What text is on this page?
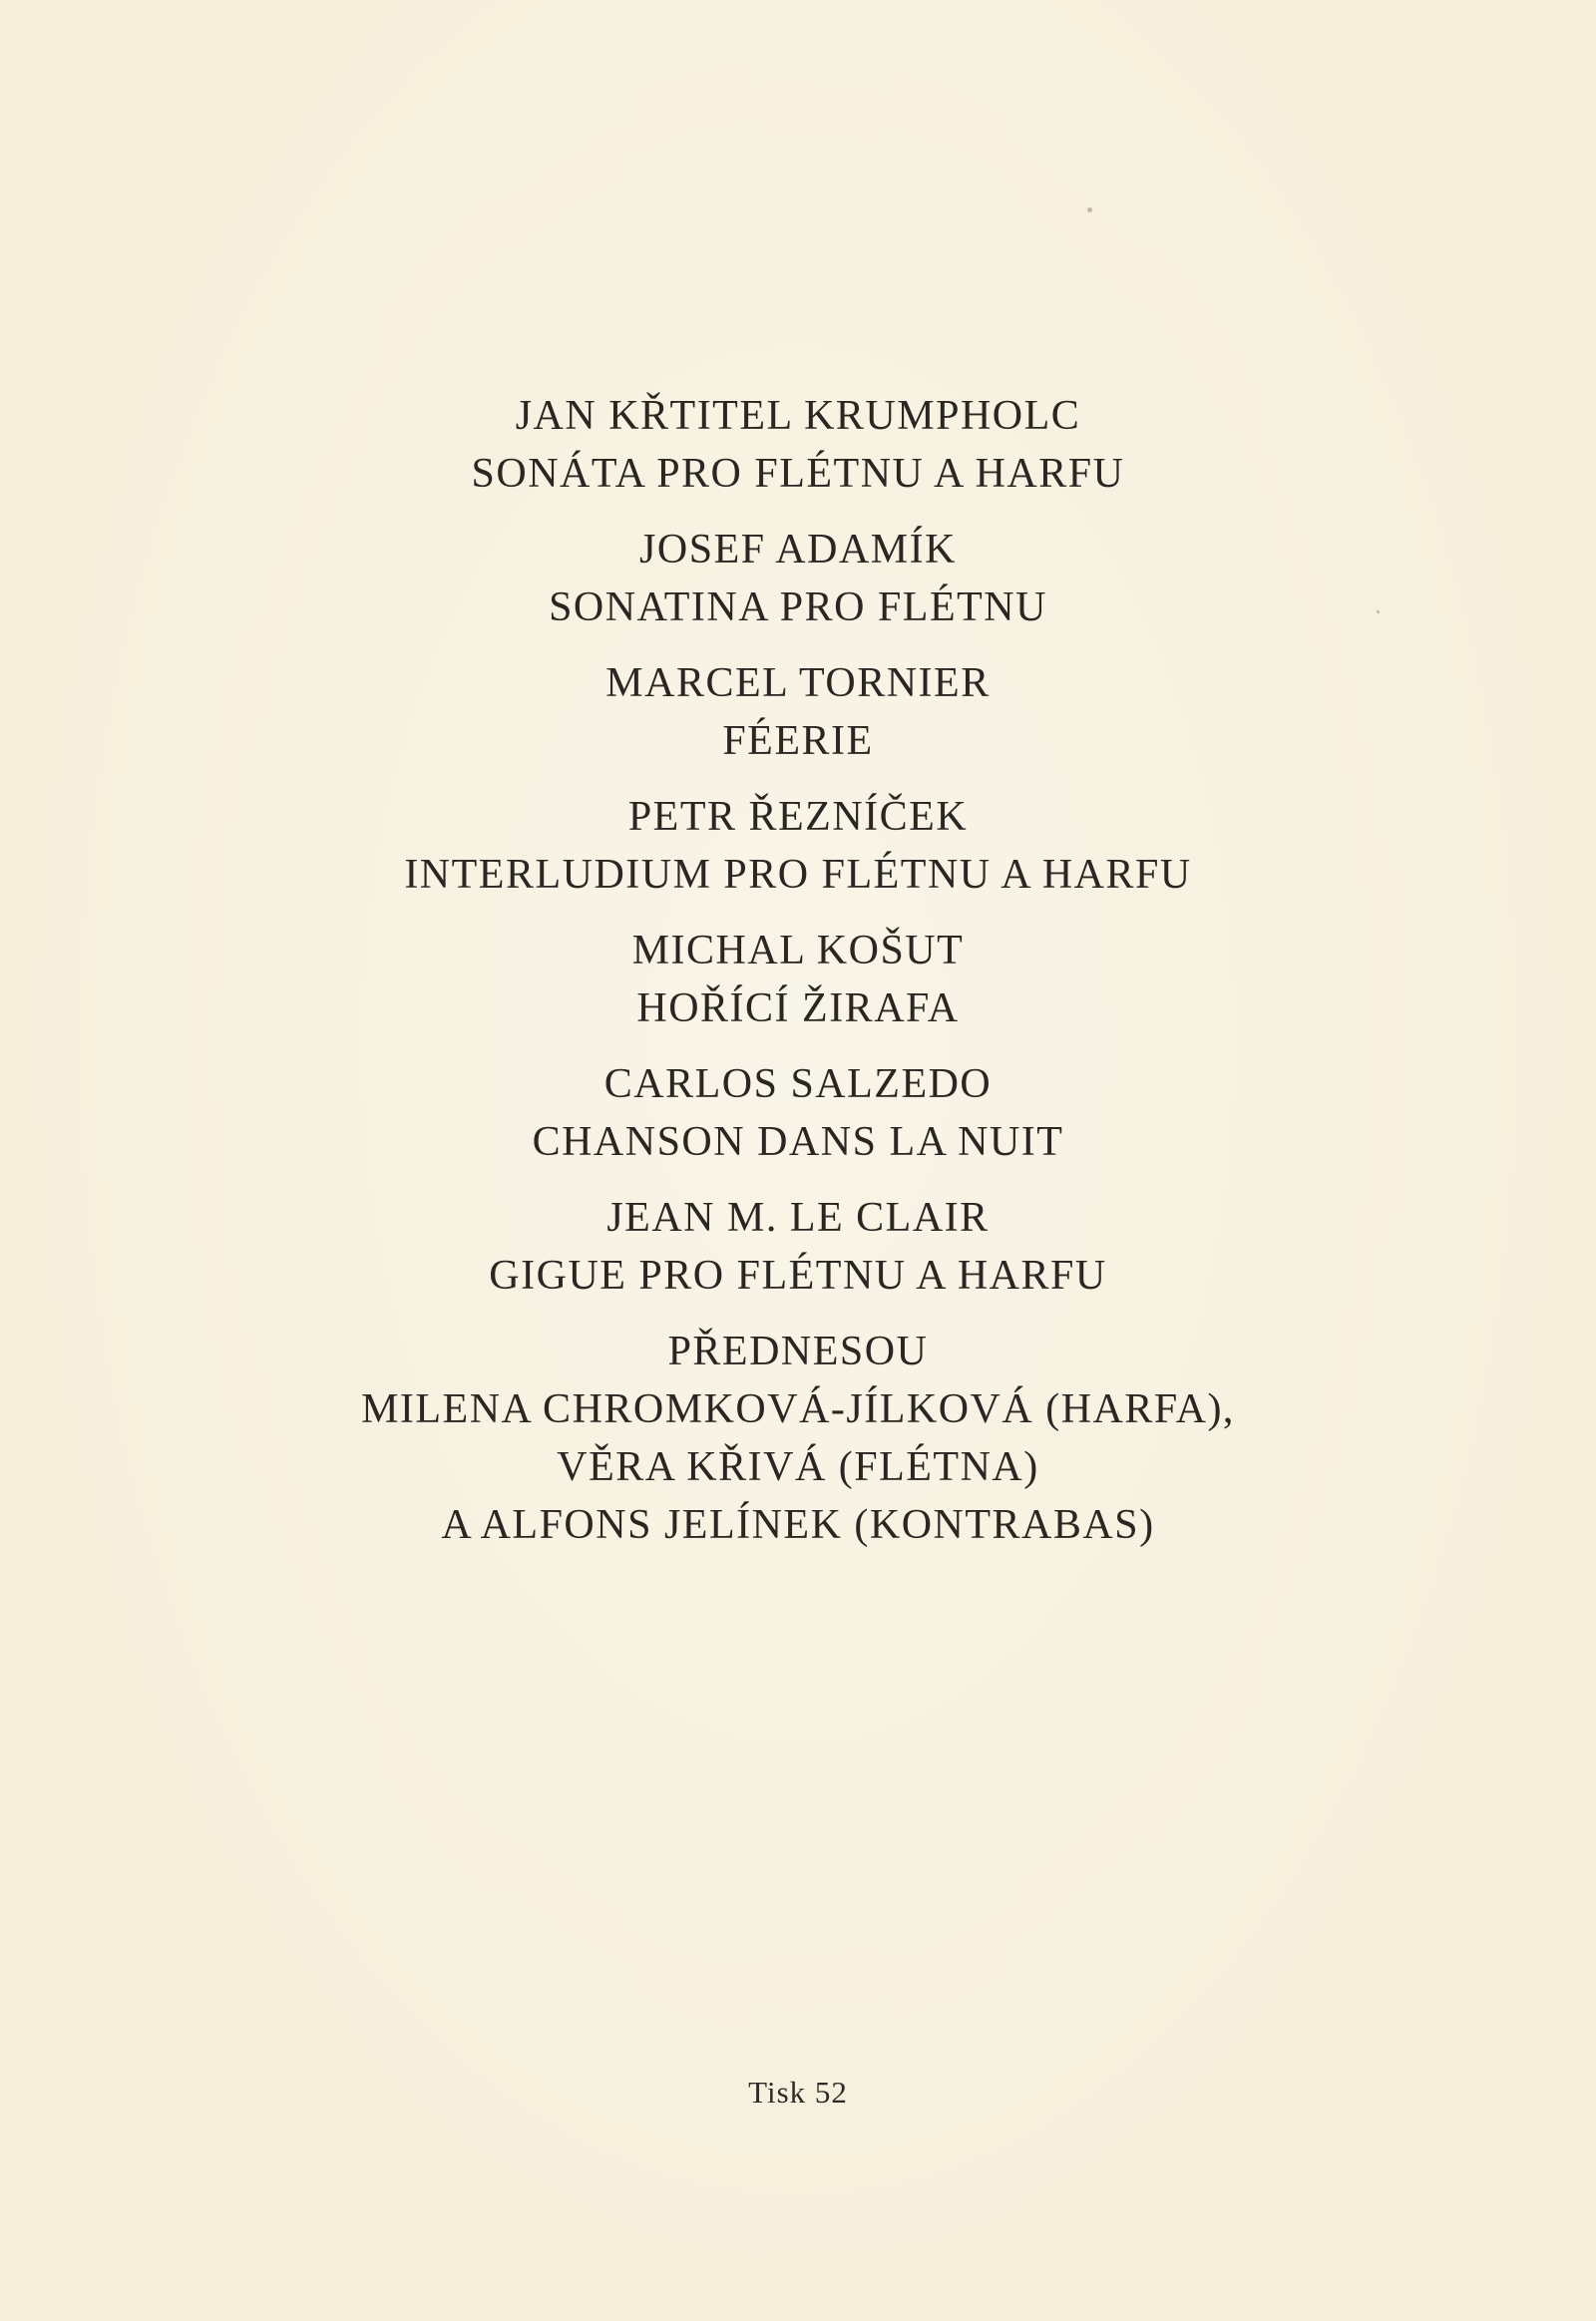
JAN KŘTITEL KRUMPHOLC
SONÁTA PRO FLÉTNU A HARFU
JOSEF ADAMÍK
SONATINA PRO FLÉTNU
MARCEL TORNIER
FÉERIE
PETR ŘEZNÍČEK
INTERLUDIUM PRO FLÉTNU A HARFU
MICHAL KOŠUT
HOŘÍCÍ ŽIRAFA
CARLOS SALZEDO
CHANSON DANS LA NUIT
JEAN M. LE CLAIR
GIGUE PRO FLÉTNU A HARFU
PŘEDNESOU
MILENA CHROMKOVÁ-JÍLKOVÁ (HARFA),
VĚRA KŘIVÁ (FLÉTNA)
A ALFONS JELÍNEK (KONTRABAS)
Tisk 52
